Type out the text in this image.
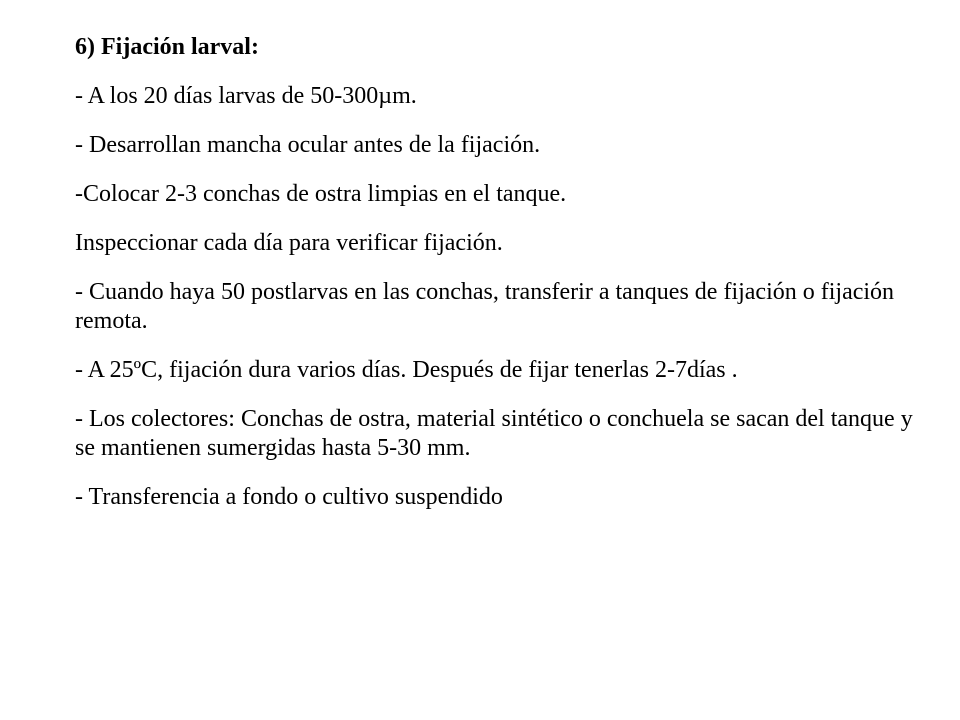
6) Fijación larval:
- A los 20 días larvas de 50-300µm.
- Desarrollan mancha ocular antes de la fijación.
-Colocar 2-3 conchas de ostra limpias en el tanque.
Inspeccionar cada día para verificar fijación.
- Cuando haya 50 postlarvas en las conchas, transferir a tanques de fijación o fijación remota.
- A 25ºC, fijación dura varios días. Después de fijar tenerlas 2-7días .
- Los colectores: Conchas de ostra, material sintético o conchuela se sacan del tanque y se mantienen sumergidas hasta 5-30 mm.
- Transferencia a fondo o cultivo suspendido
